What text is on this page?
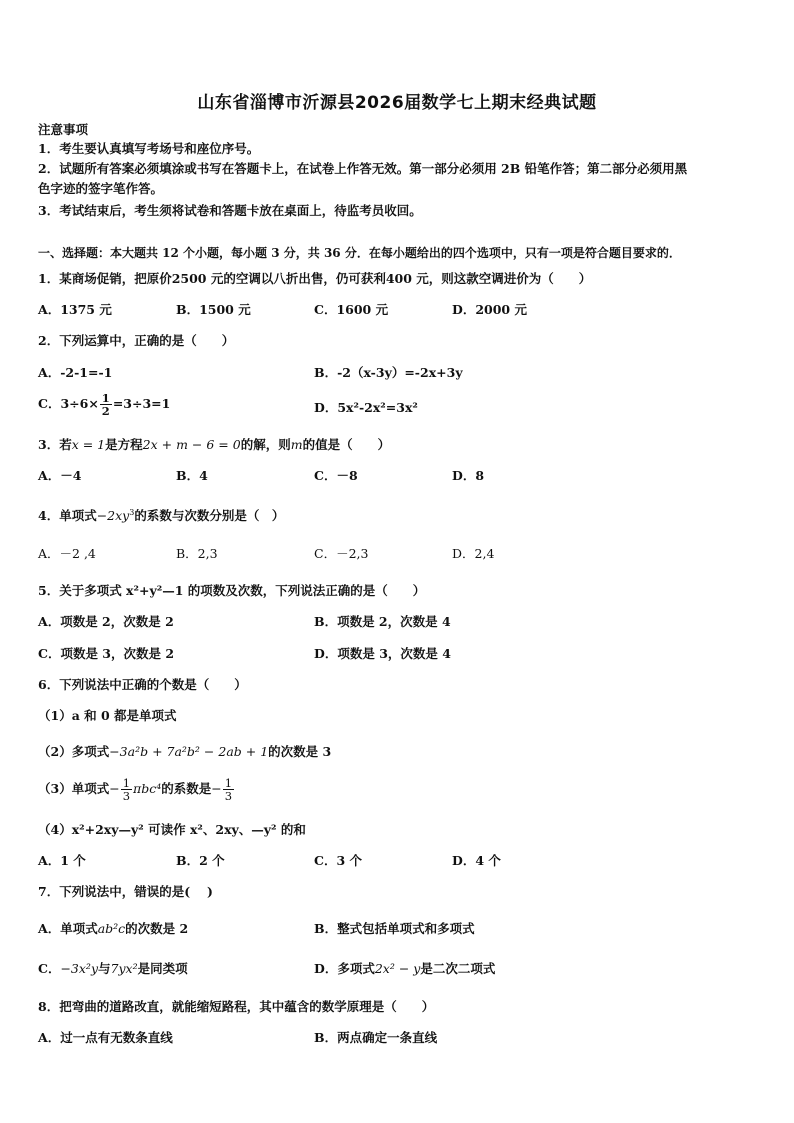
山东省淄博市沂源县2026届数学七上期末经典试题
注意事项
1．考生要认真填写考场号和座位序号。
2．试题所有答案必须填涂或书写在答题卡上，在试卷上作答无效。第一部分必须用 2B 铅笔作答；第二部分必须用黑
色字迹的签字笔作答。
3．考试结束后，考生须将试卷和答题卡放在桌面上，待监考员收回。
一、选择题：本大题共 12 个小题，每小题 3 分，共 36 分．在每小题给出的四个选项中，只有一项是符合题目要求的．
1．某商场促销，把原价2500 元的空调以八折出售，仍可获利400 元，则这款空调进价为（　　）
A．1375 元	B．1500 元	C．1600 元	D．2000 元
2．下列运算中，正确的是（　　）
A．-2-1=-1	B．-2（x-3y）=-2x+3y
C．$3\div 6\times \frac{1}{2} =3\div 3=1$	D．5x²-2x²=3x²
3．若x = 1是方程2x + m − 6 = 0的解，则m的值是（　　）
A．－4	B．4	C．－8	D．8
4．单项式$-2xy^3$的系数与次数分别是（　）
A．－2 ,4	B．2,3	C．－2,3	D．2,4
5．关于多项式 x²+y²—1 的项数及次数，下列说法正确的是（　　）
A．项数是 2，次数是 2	B．项数是 2，次数是 4
C．项数是 3，次数是 2	D．项数是 3，次数是 4
6．下列说法中正确的个数是（　　）
（1）a 和 0 都是单项式
（2）多项式−3a²b + 7a²b² − 2ab + 1的次数是 3
（3）单项式− $\frac{1}{3} \pi bc^4$的系数是− $\frac{1}{3}$
（4）x²+2xy—y² 可读作 x²、2xy、—y² 的和
A．1 个	B．2 个	C．3 个	D．4 个
7．下列说法中，错误的是(　 )
A．单项式ab²c的次数是 2	B．整式包括单项式和多项式
C．−3x²y与7yx²是同类项	D．多项式2x² − y是二次二项式
8．把弯曲的道路改直，就能缩短路程，其中蕴含的数学原理是（　　）
A．过一点有无数条直线	B．两点确定一条直线
